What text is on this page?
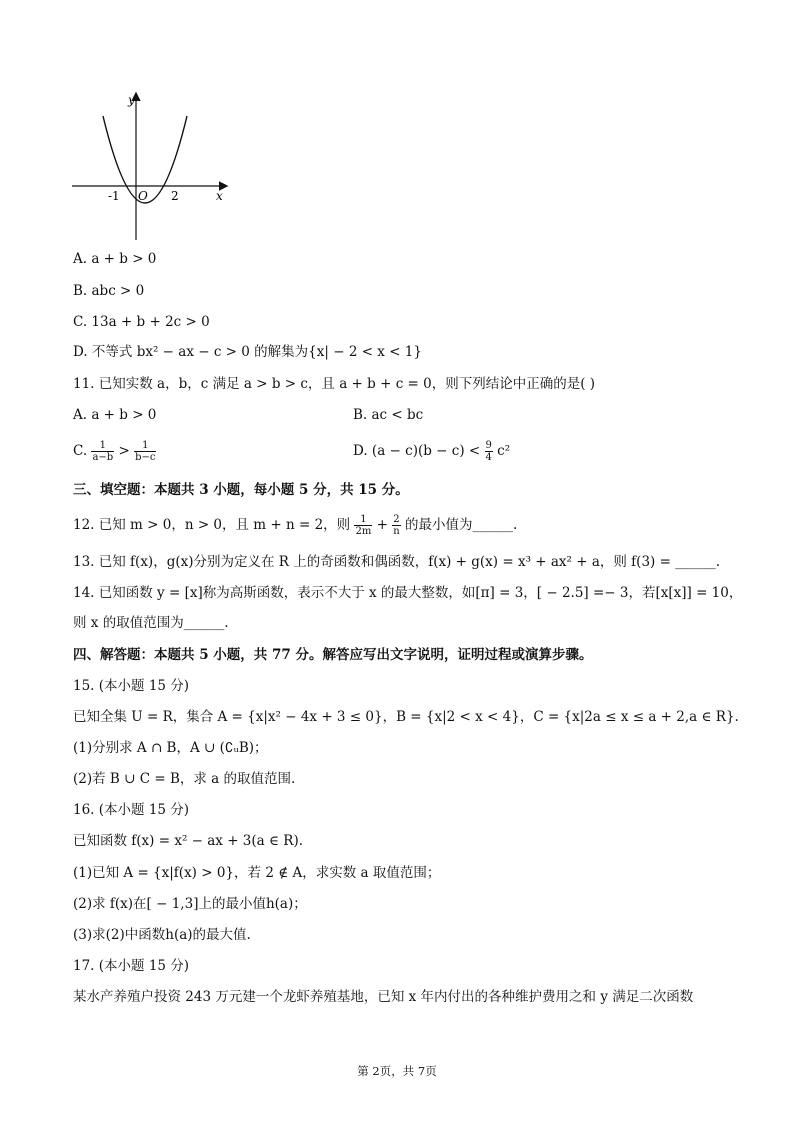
y
x
-1 O 2
A. a + b > 0
B. abc > 0
C. 13a + b + 2c > 0
D. 不等式 bx² − ax − c > 0 的解集为{x| − 2 < x < 1}
11. 已知实数 a，b，c 满足 a > b > c，且 a + b + c = 0，则下列结论中正确的是( )
A. a + b > 0	B. ac < bc
C. $\frac{1}{a-b} > \frac{1}{b-c}$	D. $(a - c)(b - c) < \frac{9}{4} c^2$
三、填空题：本题共 3 小题，每小题 5 分，共 15 分。
12. 已知 m > 0，n > 0，且 m + n = 2，则 $\frac{1}{2m} + \frac{2}{n}$ 的最小值为______.
13. 已知 f(x)，g(x)分别为定义在 R 上的奇函数和偶函数，f(x) + g(x) = x³ + ax² + a，则 f(3) = ______.
14. 已知函数 y = [x]称为高斯函数，表示不大于 x 的最大整数，如[π] = 3，[ − 2.5] =− 3，若[x[x]] = 10，
则 x 的取值范围为______.
四、解答题：本题共 5 小题，共 77 分。解答应写出文字说明，证明过程或演算步骤。
15. (本小题 15 分)
已知全集 U = R，集合 A = {x|x² − 4x + 3 ≤ 0}，B = {x|2 < x < 4}，C = {x|2a ≤ x ≤ a + 2,a ∈ R}.
(1)分别求 A ∩ B，A ∪ (∁ᵤB)；
(2)若 B ∪ C = B，求 a 的取值范围.
16. (本小题 15 分)
已知函数 f(x) = x² − ax + 3(a ∈ R).
(1)已知 A = {x|f(x) > 0}，若 2 ∉ A，求实数 a 取值范围；
(2)求 f(x)在[ − 1,3]上的最小值h(a)；
(3)求(2)中函数h(a)的最大值.
17. (本小题 15 分)
某水产养殖户投资 243 万元建一个龙虾养殖基地，已知 x 年内付出的各种维护费用之和 y 满足二次函数
第 2页，共 7页
